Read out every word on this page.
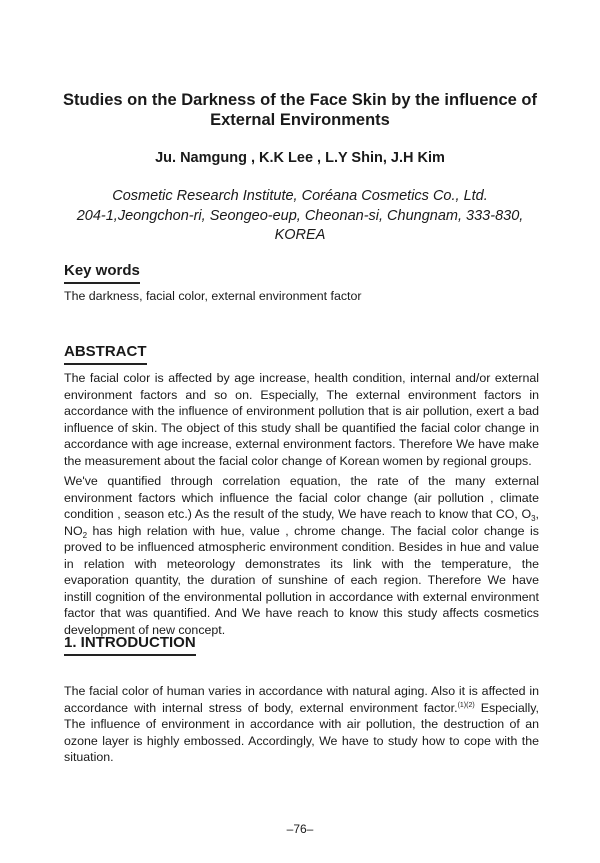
Studies on the Darkness of the Face Skin by the influence of
External Environments
Ju. Namgung , K.K Lee , L.Y Shin, J.H Kim
Cosmetic Research Institute, Coréana Cosmetics Co., Ltd.
204-1,Jeongchon-ri, Seongeo-eup, Cheonan-si, Chungnam, 333-830,
KOREA
Key words
The darkness, facial color, external environment factor
ABSTRACT
The facial color is affected by age increase, health condition, internal and/or external environment factors and so on. Especially, The external environment factors in accordance with the influence of environment pollution that is air pollution, exert a bad influence of skin. The object of this study shall be quantified the facial color change in accordance with age increase, external environment factors. Therefore We have make the measurement about the facial color change of Korean women by regional groups.
We've quantified through correlation equation, the rate of the many external environment factors which influence the facial color change (air pollution , climate condition , season etc.) As the result of the study, We have reach to know that CO, $O_3$, $NO_2$ has high relation with hue, value , chrome change. The facial color change is proved to be influenced atmospheric environment condition. Besides in hue and value in relation with meteorology demonstrates its link with the temperature, the evaporation quantity, the duration of sunshine of each region. Therefore We have instill cognition of the environmental pollution in accordance with external environment factor that was quantified. And We have reach to know this study affects cosmetics development of new concept.
1. INTRODUCTION
The facial color of human varies in accordance with natural aging. Also it is affected in accordance with internal stress of body, external environment factor.$^{(1)(2)}$ Especially, The influence of environment in accordance with air pollution, the destruction of an ozone layer is highly embossed. Accordingly, We have to study how to cope with the situation.
–76–
